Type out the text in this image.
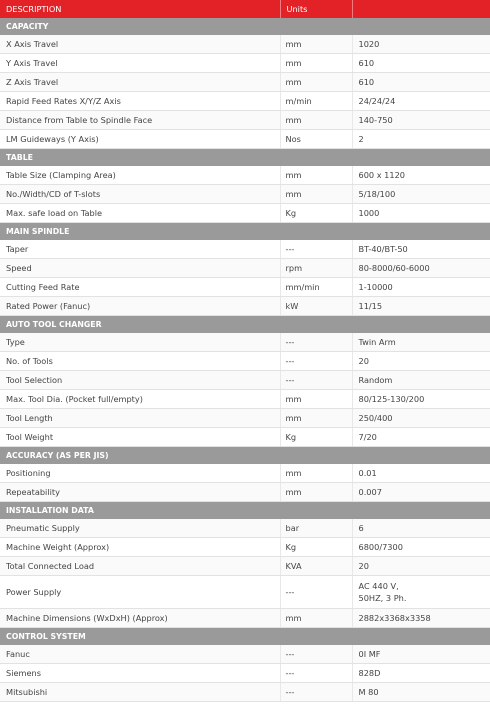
DESCRIPTION	Units	
CAPACITY		
X Axis Travel	mm	1020
Y Axis Travel	mm	610
Z Axis Travel	mm	610
Rapid Feed Rates X/Y/Z Axis	m/min	24/24/24
Distance from Table to Spindle Face	mm	140-750
LM Guideways (Y Axis)	Nos	2
TABLE		
Table Size (Clamping Area)	mm	600 x 1120
No./Width/CD of T-slots	mm	5/18/100
Max. safe load on Table	Kg	1000
MAIN SPINDLE		
Taper	---	BT-40/BT-50
Speed	rpm	80-8000/60-6000
Cutting Feed Rate	mm/min	1-10000
Rated Power (Fanuc)	kW	11/15
AUTO TOOL CHANGER		
Type	---	Twin Arm
No. of Tools	---	20
Tool Selection	---	Random
Max. Tool Dia. (Pocket full/empty)	mm	80/125-130/200
Tool Length	mm	250/400
Tool Weight	Kg	7/20
ACCURACY (AS PER JIS)		
Positioning	mm	0.01
Repeatability	mm	0.007
INSTALLATION DATA		
Pneumatic Supply	bar	6
Machine Weight (Approx)	Kg	6800/7300
Total Connected Load	KVA	20
Power Supply	---	AC 440 V,
50HZ, 3 Ph.
Machine Dimensions (WxDxH) (Approx)	mm	2882x3368x3358
CONTROL SYSTEM		
Fanuc	---	0I MF
Siemens	---	828D
Mitsubishi	---	M 80
